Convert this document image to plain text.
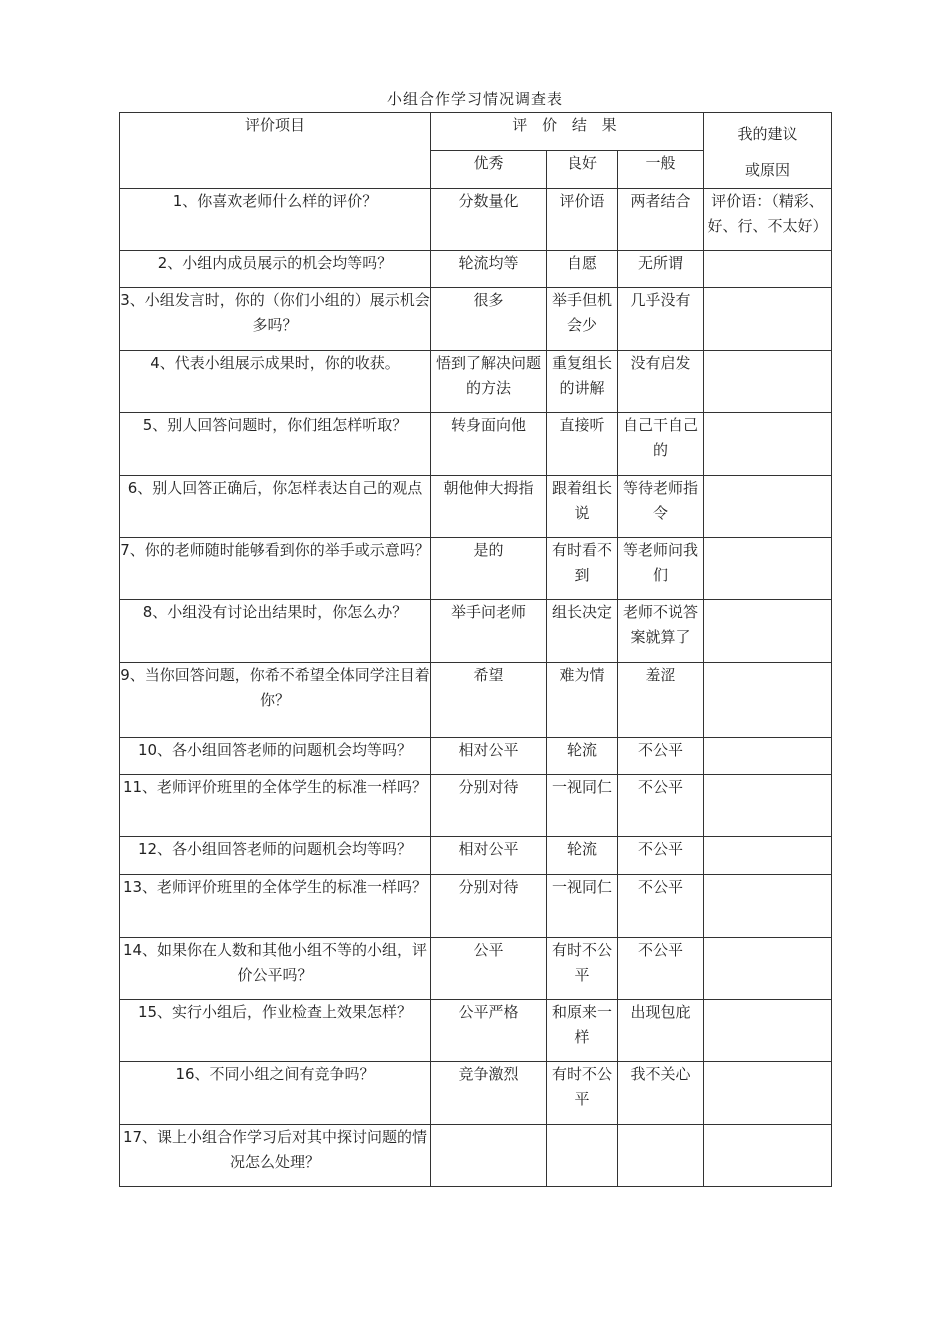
小组合作学习情况调查表
评价项目	评 价 结 果			我的建议
或原因

	优秀	良好	一般	
1、你喜欢老师什么样的评价？	分数量化	评价语	两者结合	评价语：（精彩、好、行、不太好）
2、小组内成员展示的机会均等吗？	轮流均等	自愿	无所谓	
3、小组发言时，你的（你们小组的）展示机会多吗？	很多	举手但机会少	几乎没有	
4、代表小组展示成果时，你的收获。	悟到了解决问题的方法	重复组长的讲解	没有启发	
5、别人回答问题时，你们组怎样听取？	转身面向他	直接听	自己干自己的	
6、别人回答正确后，你怎样表达自己的观点	朝他伸大拇指	跟着组长说	等待老师指令	
7、你的老师随时能够看到你的举手或示意吗？	是的	有时看不到	等老师问我们	
8、小组没有讨论出结果时，你怎么办？	举手问老师	组长决定	老师不说答案就算了	
9、当你回答问题，你希不希望全体同学注目着你？	希望	难为情	羞涩	
10、各小组回答老师的问题机会均等吗？	相对公平	轮流	不公平	
11、老师评价班里的全体学生的标准一样吗？	分别对待	一视同仁	不公平	
12、各小组回答老师的问题机会均等吗？	相对公平	轮流	不公平	
13、老师评价班里的全体学生的标准一样吗？	分别对待	一视同仁	不公平	
14、如果你在人数和其他小组不等的小组，评价公平吗？	公平	有时不公平	不公平	
15、实行小组后，作业检查上效果怎样？	公平严格	和原来一样	出现包庇	
16、不同小组之间有竞争吗？	竞争激烈	有时不公平	我不关心	
17、课上小组合作学习后对其中探讨问题的情况怎么处理？				
